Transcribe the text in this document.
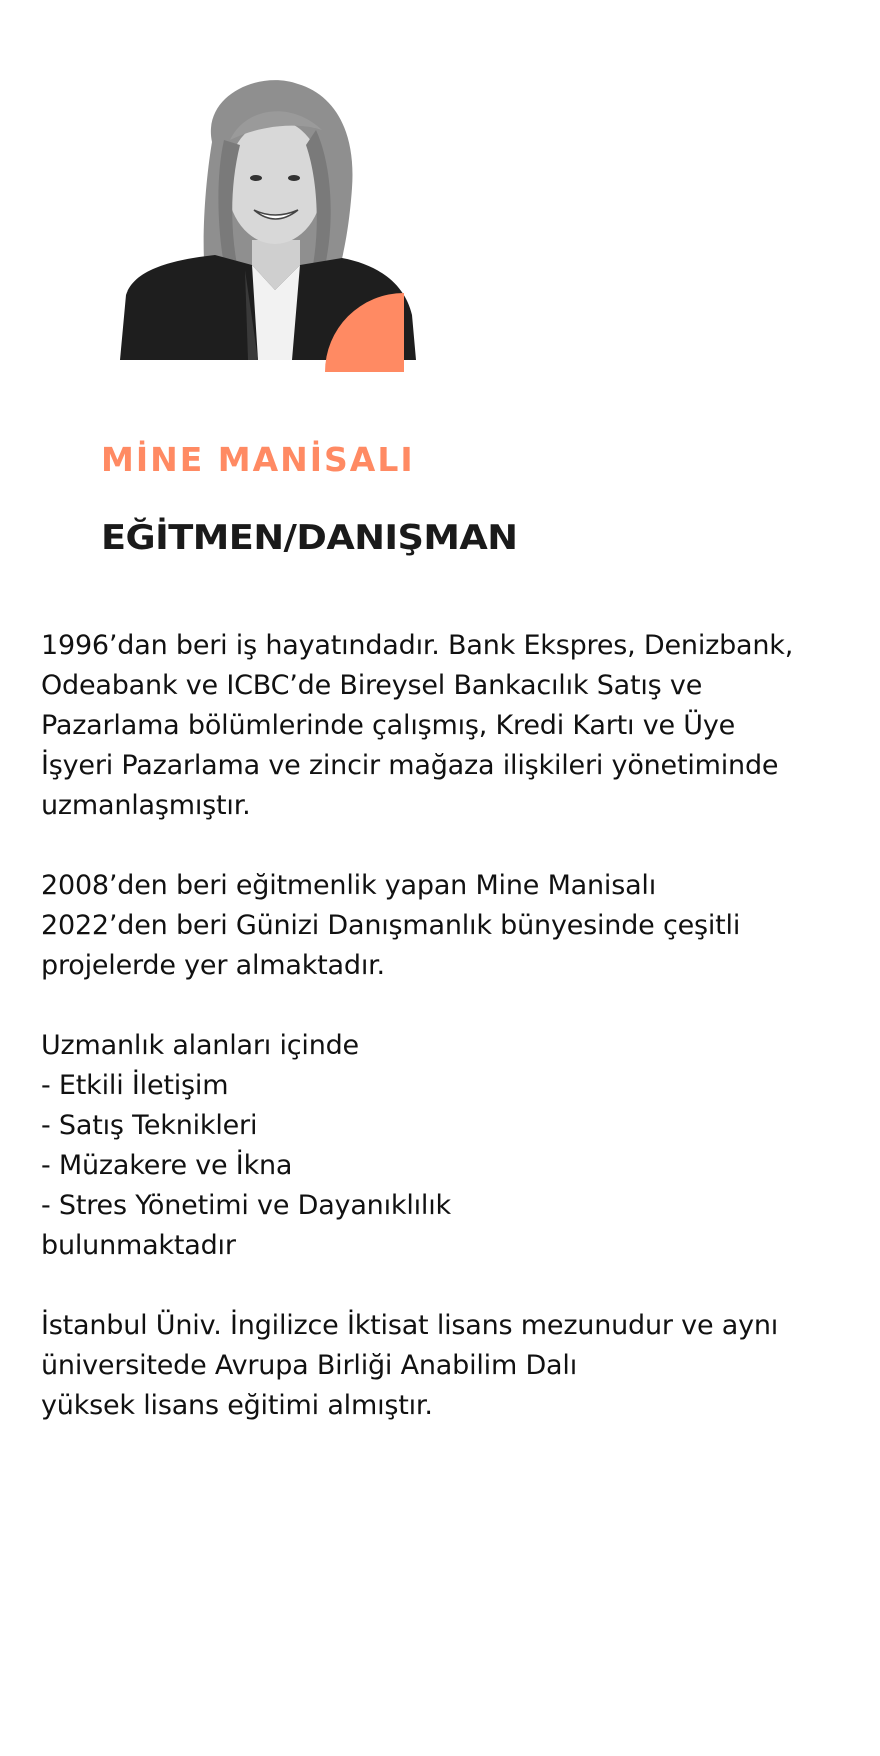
MİNE MANİSALI
EĞİTMEN/DANIŞMAN

1996’dan beri iş hayatındadır. Bank Ekspres, Denizbank,
Odeabank ve ICBC’de Bireysel Bankacılık Satış ve
Pazarlama bölümlerinde çalışmış, Kredi Kartı ve Üye
İşyeri Pazarlama ve zincir mağaza ilişkileri yönetiminde
uzmanlaşmıştır.

2008’den beri eğitmenlik yapan Mine Manisalı
2022’den beri Günizi Danışmanlık bünyesinde çeşitli
projelerde yer almaktadır.

Uzmanlık alanları içinde
- Etkili İletişim
- Satış Teknikleri
- Müzakere ve İkna
- Stres Yönetimi ve Dayanıklılık
bulunmaktadır

İstanbul Üniv. İngilizce İktisat lisans mezunudur ve aynı
üniversitede Avrupa Birliği Anabilim Dalı
yüksek lisans eğitimi almıştır.
